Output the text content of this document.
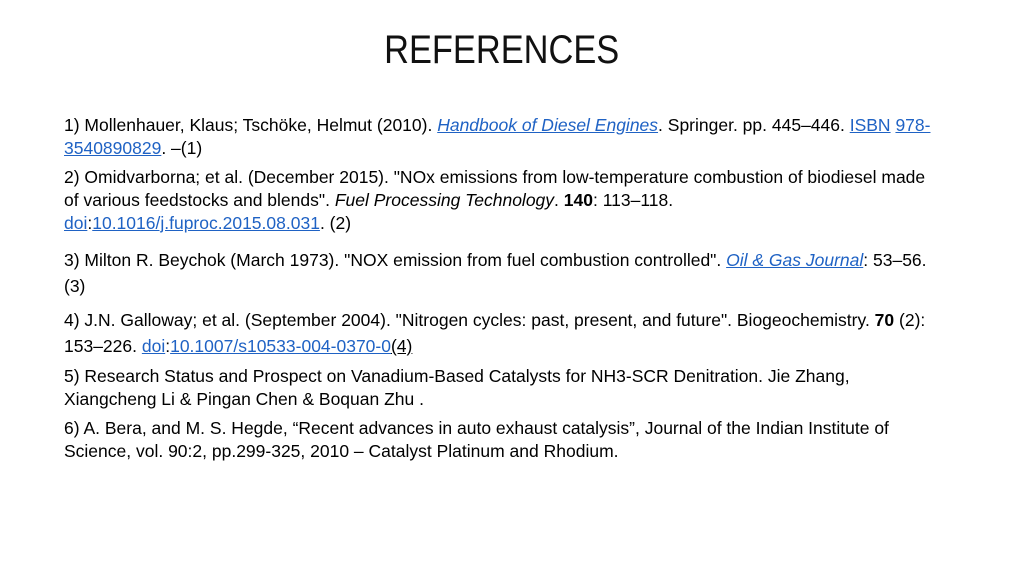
REFERENCES
1) Mollenhauer, Klaus; Tschöke, Helmut (2010). Handbook of Diesel Engines. Springer. pp. 445–446. ISBN 978-3540890829. –(1)
2) Omidvarborna; et al. (December 2015). "NOx emissions from low-temperature combustion of biodiesel made of various feedstocks and blends". Fuel Processing Technology. 140: 113–118. doi:10.1016/j.fuproc.2015.08.031. (2)
3) Milton R. Beychok (March 1973). "NOX emission from fuel combustion controlled". Oil & Gas Journal: 53–56. (3)
4) J.N. Galloway; et al. (September 2004). "Nitrogen cycles: past, present, and future". Biogeochemistry. 70 (2): 153–226. doi:10.1007/s10533-004-0370-0(4)
5) Research Status and Prospect on Vanadium-Based Catalysts for NH3-SCR Denitration. Jie Zhang, Xiangcheng Li & Pingan Chen & Boquan Zhu .
6) A. Bera, and M. S. Hegde, “Recent advances in auto exhaust catalysis”, Journal of the Indian Institute of Science, vol. 90:2, pp.299-325, 2010 – Catalyst Platinum and Rhodium.
